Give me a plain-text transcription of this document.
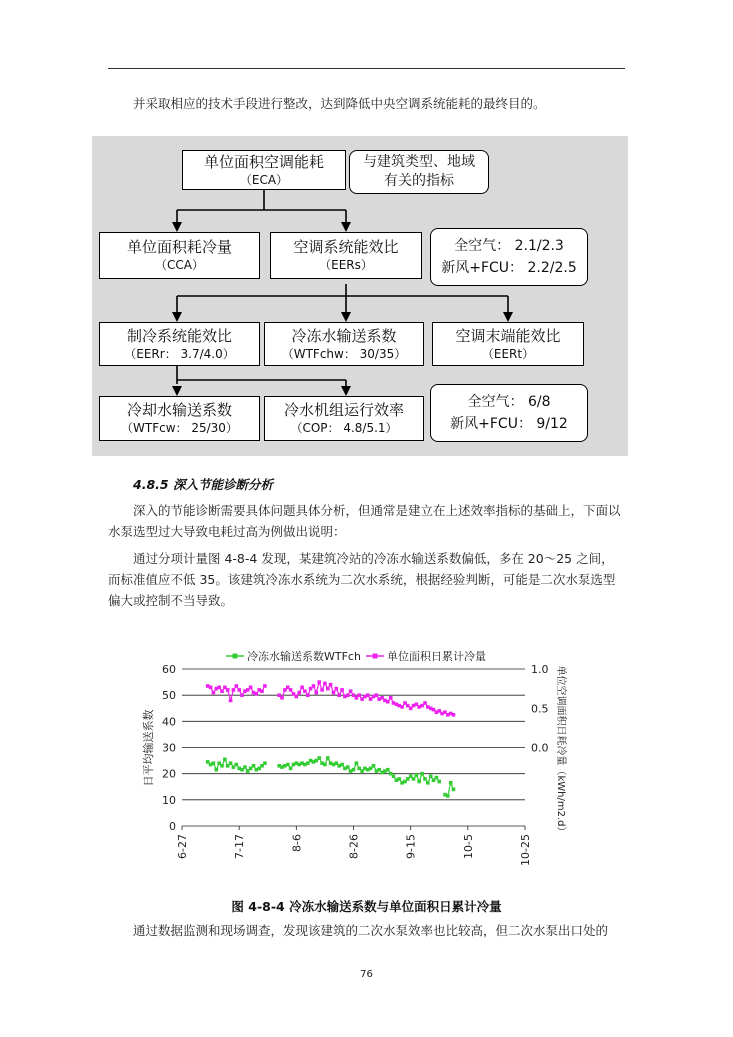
并采取相应的技术手段进行整改，达到降低中央空调系统能耗的最终目的。
单位面积空调能耗
（ECA）
与建筑类型、地域
有关的指标
单位面积耗冷量
（CCA）
空调系统能效比
（EERs）
全空气： 2.1/2.3
新风+FCU： 2.2/2.5
制冷系统能效比
（EERr： 3.7/4.0）
冷冻水输送系数
（WTFchw： 30/35）
空调末端能效比
（EERt）
冷却水输送系数
（WTFcw： 25/30）
冷水机组运行效率
（COP： 4.8/5.1）
全空气： 6/8
新风+FCU： 9/12
4.8.5 深入节能诊断分析
深入的节能诊断需要具体问题具体分析，但通常是建立在上述效率指标的基础上，下面以水泵选型过大导致电耗过高为例做出说明：
通过分项计量图 4-8-4 发现，某建筑冷站的冷冻水输送系数偏低，多在 20～25 之间，而标准值应不低 35。该建筑冷冻水系统为二次水系统，根据经验判断，可能是二次水泵选型偏大或控制不当导致。
冷冻水输送系数WTFch 单位面积日累计冷量
0
10
20
30
40
50
60
0.0
0.5
1.0
6-27	7-17	8-6	8-26	9-15	10-5	10-25
日平均输送系数	单位空调面积日耗冷量（kWh/m2.d）
图 4-8-4 冷冻水输送系数与单位面积日累计冷量
通过数据监测和现场调查，发现该建筑的二次水泵效率也比较高，但二次水泵出口处的
76
